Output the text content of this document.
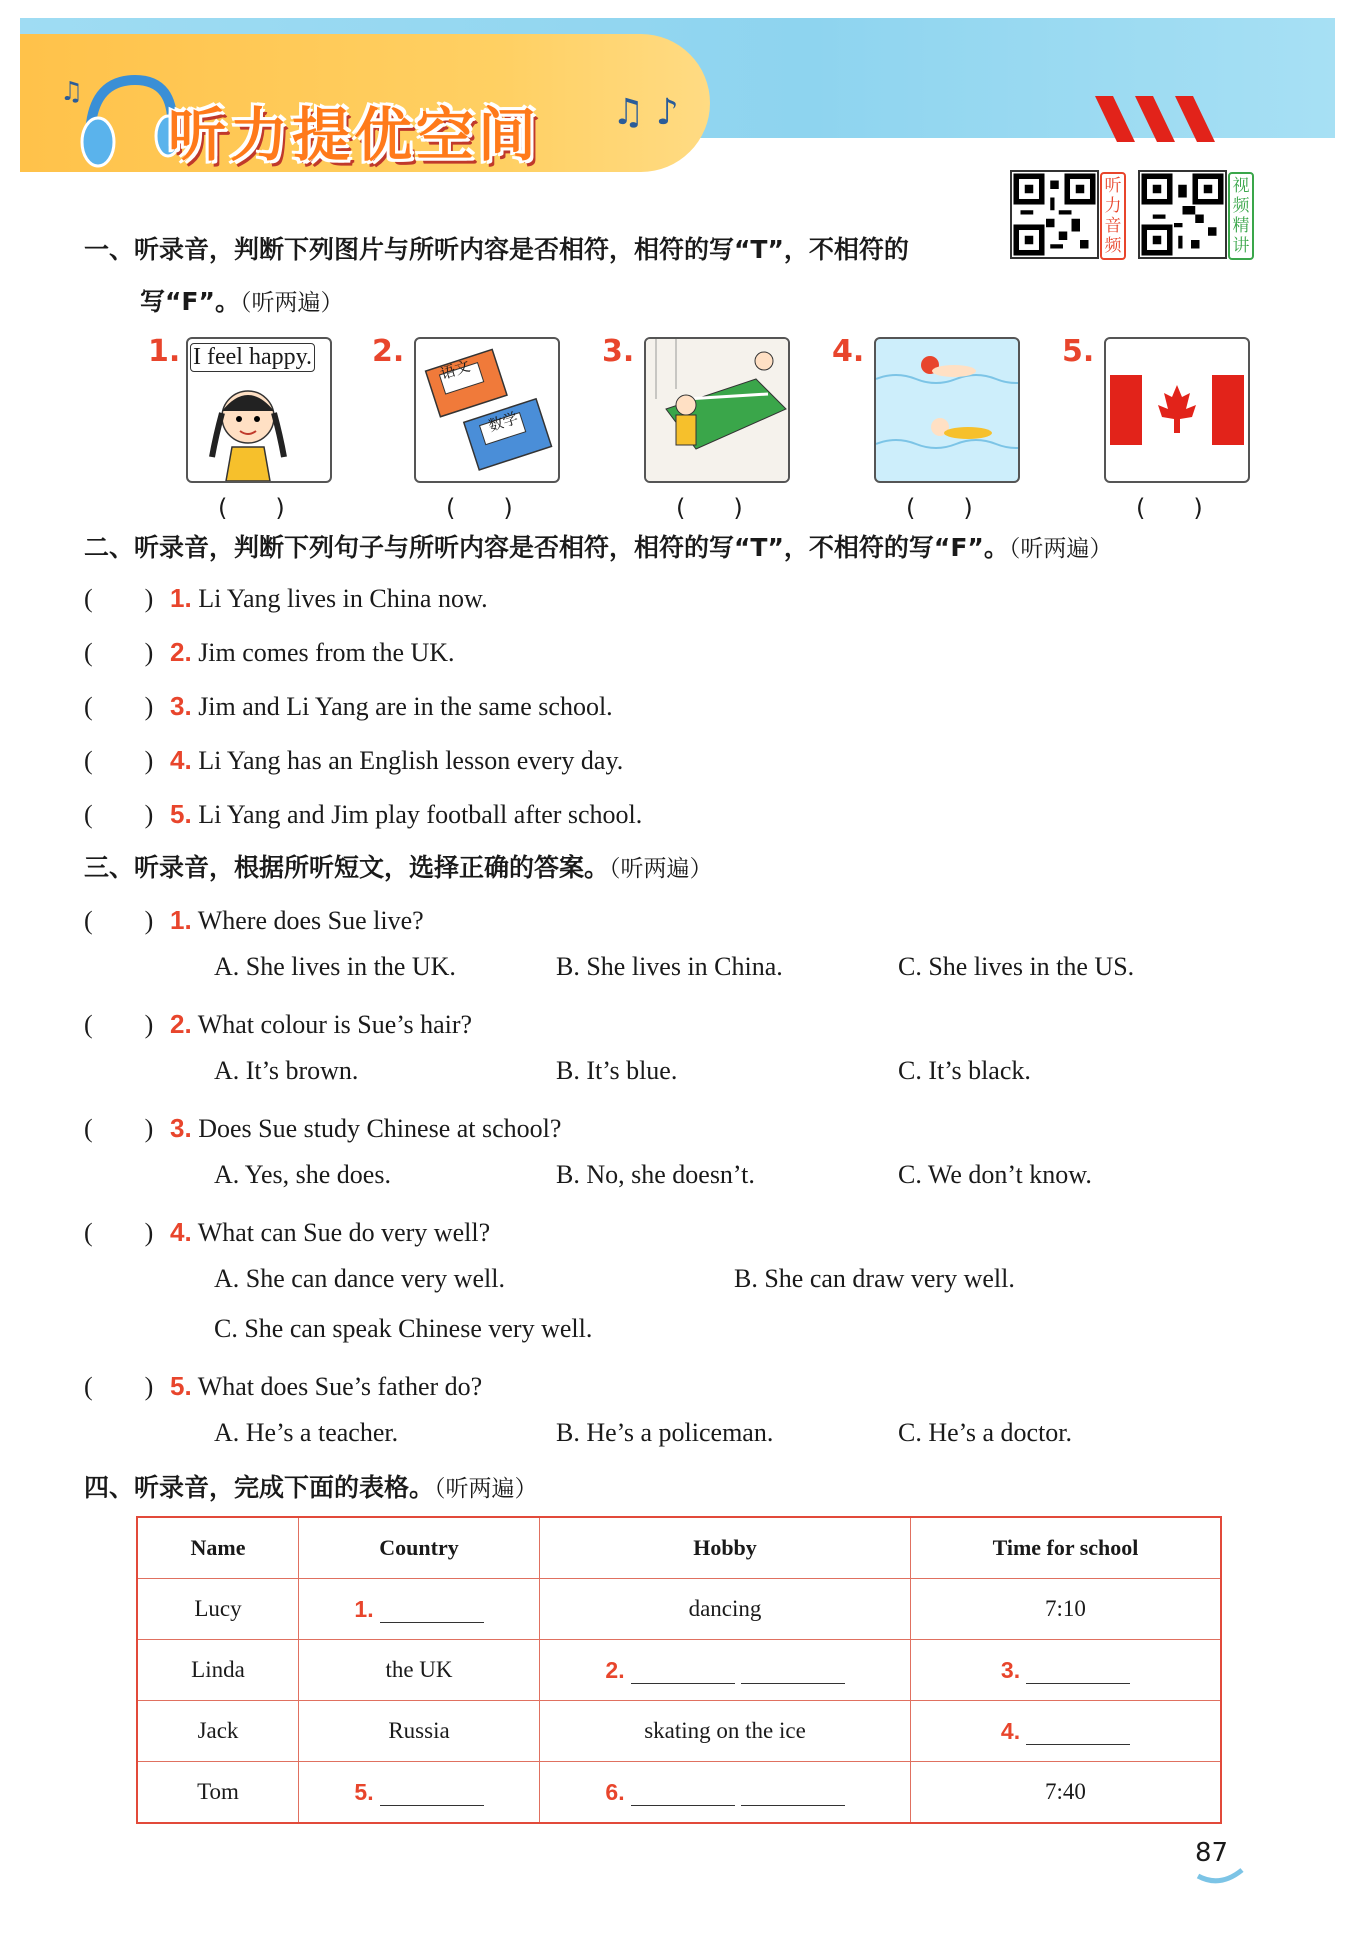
♫
听力提优空间 ♫ ♪
听力音频
视频精讲
一、听录音，判断下列图片与所听内容是否相符，相符的写“T”，不相符的
写“F”。（听两遍）
1. I feel happy.
(　　)
2.
语文
数学
(　　)
3.
(　　)
4.
(　　)
5.
(　　)
二、听录音，判断下列句子与所听内容是否相符，相符的写“T”，不相符的写“F”。（听两遍）
(　　) 1. Li Yang lives in China now.
(　　) 2. Jim comes from the UK.
(　　) 3. Jim and Li Yang are in the same school.
(　　) 4. Li Yang has an English lesson every day.
(　　) 5. Li Yang and Jim play football after school.
三、听录音，根据所听短文，选择正确的答案。（听两遍）
(　　) 1. Where does Sue live?
A. She lives in the UK.	B. She lives in China.	C. She lives in the US.
(　　) 2. What colour is Sue’s hair?
A. It’s brown.	B. It’s blue.	C. It’s black.
(　　) 3. Does Sue study Chinese at school?
A. Yes, she does.	B. No, she doesn’t.	C. We don’t know.
(　　) 4. What can Sue do very well?
A. She can dance very well.	B. She can draw very well.
C. She can speak Chinese very well.
(　　) 5. What does Sue’s father do?
A. He’s a teacher.	B. He’s a policeman.	C. He’s a doctor.
四、听录音，完成下面的表格。（听两遍）
Name	Country	Hobby	Time for school
Lucy	1.	dancing	7:10
Linda	the UK	2.	3.
Jack	Russia	skating on the ice	4.
Tom	5.	6.	7:40
87
